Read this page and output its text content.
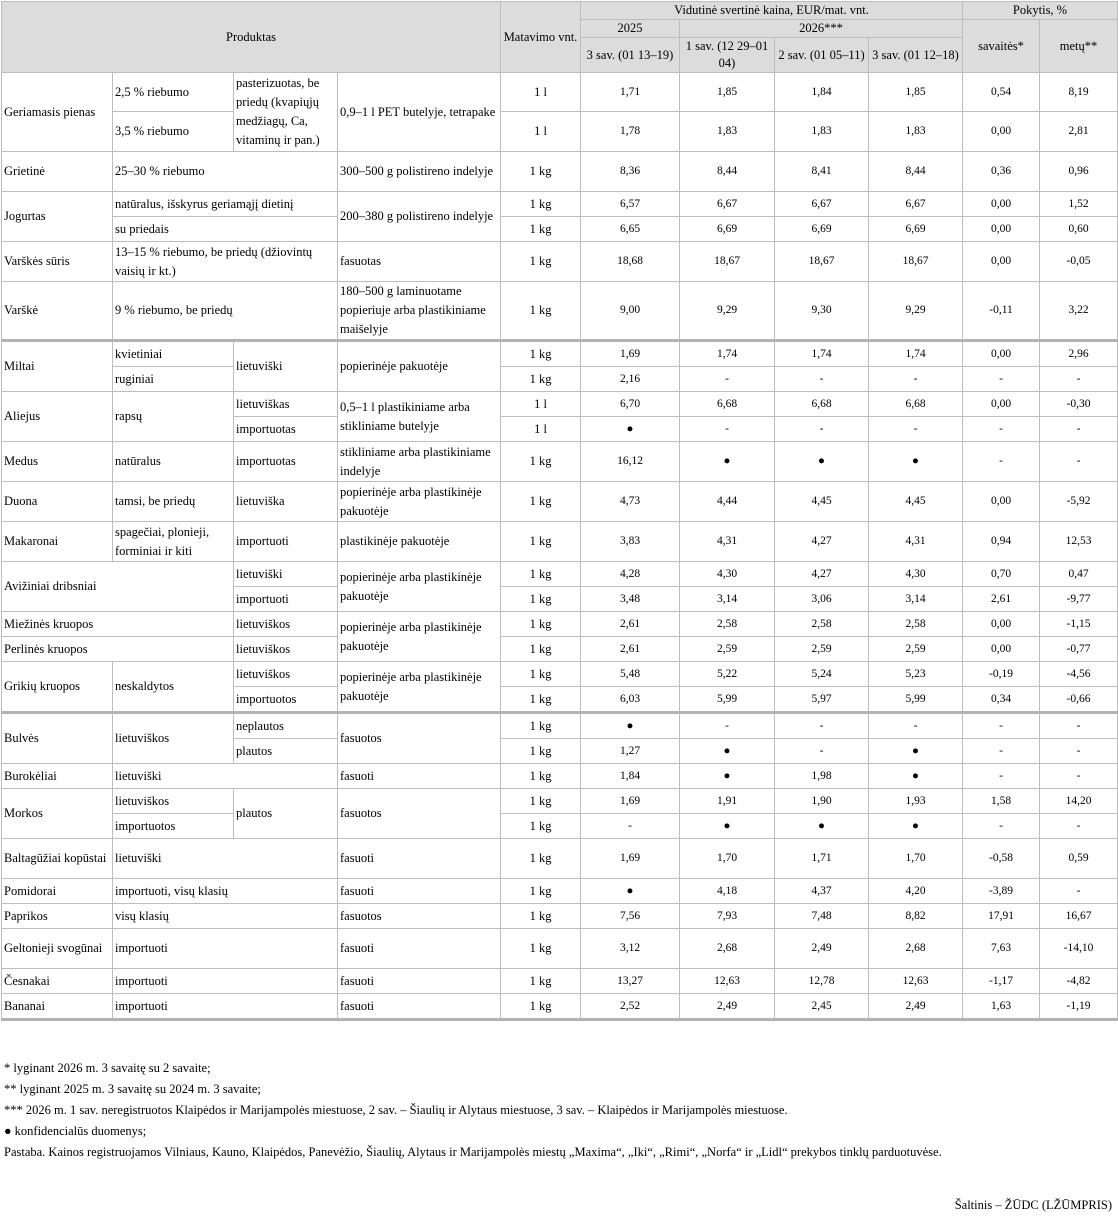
Produktas				Matavimo vnt.	Vidutinė svertinė kaina, EUR/mat. vnt.				Pokytis, %	
					2025	2026***			savaitės*	metų**
					3 sav. (01 13–19)	1 sav. (12 29–01 04)	2 sav. (01 05–11)	3 sav. (01 12–18)		
Geriamasis pienas	2,5 % riebumo	pasterizuotas, be priedų (kvapiųjų medžiagų, Ca, vitaminų ir pan.)	0,9–1 l PET butelyje, tetrapake	1 l	1,71	1,85	1,84	1,85	0,54	8,19
	3,5 % riebumo			1 l	1,78	1,83	1,83	1,83	0,00	2,81
Grietinė	25–30 % riebumo		300–500 g polistireno indelyje	1 kg	8,36	8,44	8,41	8,44	0,36	0,96
Jogurtas	natūralus, išskyrus geriamąjį dietinį		200–380 g polistireno indelyje	1 kg	6,57	6,67	6,67	6,67	0,00	1,52
	su priedais			1 kg	6,65	6,69	6,69	6,69	0,00	0,60
Varškės sūris	13–15 % riebumo, be priedų (džiovintų vaisių ir kt.)		fasuotas	1 kg	18,68	18,67	18,67	18,67	0,00	-0,05
Varškė	9 % riebumo, be priedų		180–500 g laminuotame popieriuje arba plastikiniame maišelyje	1 kg	9,00	9,29	9,30	9,29	-0,11	3,22
Miltai	kvietiniai	lietuviški	popierinėje pakuotėje	1 kg	1,69	1,74	1,74	1,74	0,00	2,96
	ruginiai			1 kg	2,16	-	-	-	-	-
Aliejus	rapsų	lietuviškas	0,5–1 l plastikiniame arba stikliniame butelyje	1 l	6,70	6,68	6,68	6,68	0,00	-0,30
		importuotas		1 l	●	-	-	-	-	-
Medus	natūralus	importuotas	stikliniame arba plastikiniame indelyje	1 kg	16,12	●	●	●	-	-
Duona	tamsi, be priedų	lietuviška	popierinėje arba plastikinėje pakuotėje	1 kg	4,73	4,44	4,45	4,45	0,00	-5,92
Makaronai	spagečiai, plonieji, forminiai ir kiti	importuoti	plastikinėje pakuotėje	1 kg	3,83	4,31	4,27	4,31	0,94	12,53
Avižiniai dribsniai		lietuviški	popierinėje arba plastikinėje pakuotėje	1 kg	4,28	4,30	4,27	4,30	0,70	0,47
		importuoti		1 kg	3,48	3,14	3,06	3,14	2,61	-9,77
Miežinės kruopos		lietuviškos	popierinėje arba plastikinėje pakuotėje	1 kg	2,61	2,58	2,58	2,58	0,00	-1,15
Perlinės kruopos		lietuviškos		1 kg	2,61	2,59	2,59	2,59	0,00	-0,77
Grikių kruopos	neskaldytos	lietuviškos	popierinėje arba plastikinėje pakuotėje	1 kg	5,48	5,22	5,24	5,23	-0,19	-4,56
		importuotos		1 kg	6,03	5,99	5,97	5,99	0,34	-0,66
Bulvės	lietuviškos	neplautos	fasuotos	1 kg	●	-	-	-	-	-
		plautos		1 kg	1,27	●	-	●	-	-
Burokėliai	lietuviški		fasuoti	1 kg	1,84	●	1,98	●	-	-
Morkos	lietuviškos	plautos	fasuotos	1 kg	1,69	1,91	1,90	1,93	1,58	14,20
	importuotos			1 kg	-	●	●	●	-	-
Baltagūžiai kopūstai	lietuviški		fasuoti	1 kg	1,69	1,70	1,71	1,70	-0,58	0,59
Pomidorai	importuoti, visų klasių		fasuoti	1 kg	●	4,18	4,37	4,20	-3,89	-
Paprikos	visų klasių		fasuotos	1 kg	7,56	7,93	7,48	8,82	17,91	16,67
Geltonieji svogūnai	importuoti		fasuoti	1 kg	3,12	2,68	2,49	2,68	7,63	-14,10
Česnakai	importuoti		fasuoti	1 kg	13,27	12,63	12,78	12,63	-1,17	-4,82
Bananai	importuoti		fasuoti	1 kg	2,52	2,49	2,45	2,49	1,63	-1,19
* lyginant 2026 m. 3 savaitę su 2 savaite;
** lyginant 2025 m. 3 savaitę su 2024 m. 3 savaite;
*** 2026 m. 1 sav. neregistruotos Klaipėdos ir Marijampolės miestuose, 2 sav. – Šiaulių ir Alytaus miestuose, 3 sav. – Klaipėdos ir Marijampolės miestuose.
● konfidencialūs duomenys;
Pastaba. Kainos registruojamos Vilniaus, Kauno, Klaipėdos, Panevėžio, Šiaulių, Alytaus ir Marijampolės miestų „Maxima“, „Iki“, „Rimi“, „Norfa“ ir „Lidl“ prekybos tinklų parduotuvėse.
Šaltinis – ŽŪDC (LŽŪMPRIS)
